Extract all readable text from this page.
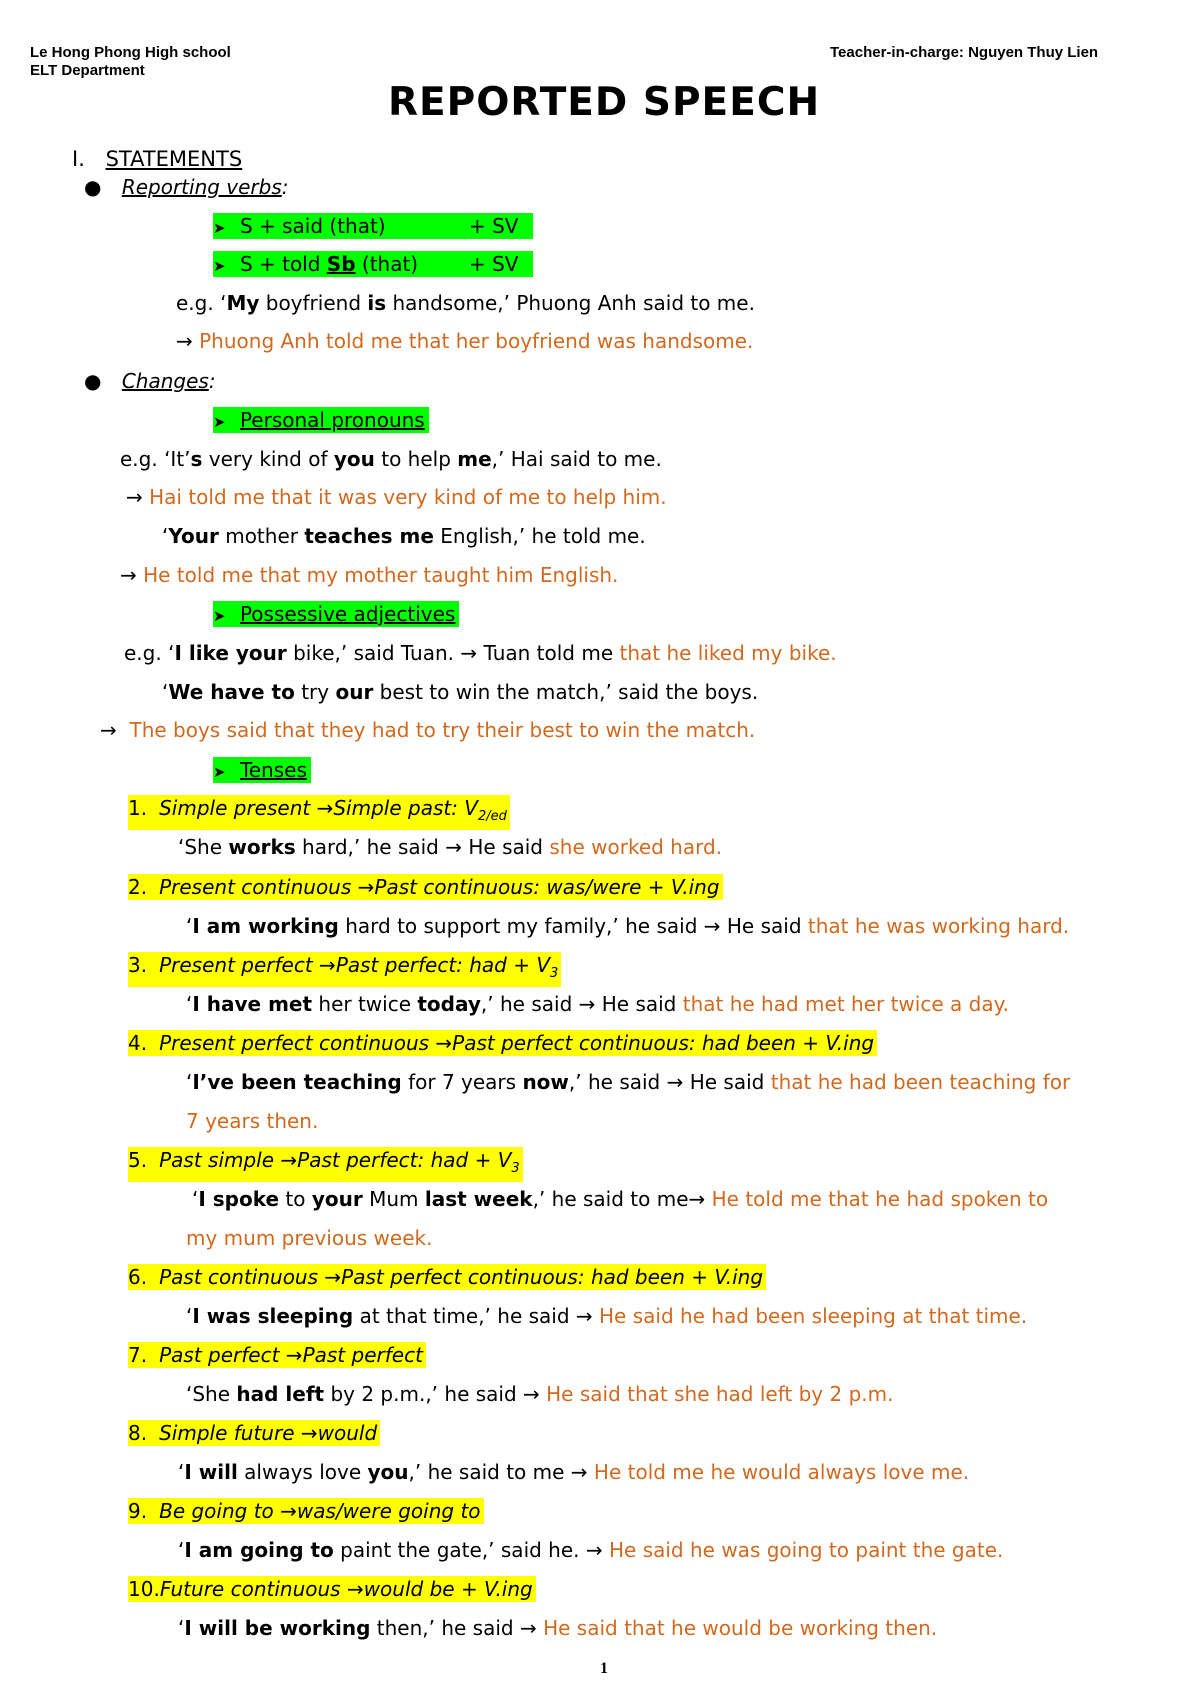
Le Hong Phong High school
ELT Department
Teacher-in-charge: Nguyen Thuy Lien
REPORTED SPEECH
I. STATEMENTS
● Reporting verbs:
➤ S + said (that)	+ SV
➤ S + told Sb (that)	+ SV
e.g. ‘My boyfriend is handsome,’ Phuong Anh said to me.
→ Phuong Anh told me that her boyfriend was handsome.
● Changes:
➤ Personal pronouns
e.g. ‘It’s very kind of you to help me,’ Hai said to me.
→ Hai told me that it was very kind of me to help him.
‘Your mother teaches me English,’ he told me.
→ He told me that my mother taught him English.
➤ Possessive adjectives
e.g. ‘I like your bike,’ said Tuan. → Tuan told me that he liked my bike.
‘We have to try our best to win the match,’ said the boys.
→ The boys said that they had to try their best to win the match.
➤ Tenses
1. Simple present →Simple past: $V_{2/ed}$
‘She works hard,’ he said → He said she worked hard.
2. Present continuous →Past continuous: was/were + V.ing
‘I am working hard to support my family,’ he said → He said that he was working hard.
3. Present perfect →Past perfect: had + $V_3$
‘I have met her twice today,’ he said → He said that he had met her twice a day.
4. Present perfect continuous →Past perfect continuous: had been + V.ing
‘I’ve been teaching for 7 years now,’ he said → He said that he had been teaching for
7 years then.
5. Past simple →Past perfect: had + $V_3$
‘I spoke to your Mum last week,’ he said to me→ He told me that he had spoken to
my mum previous week.
6. Past continuous →Past perfect continuous: had been + V.ing
‘I was sleeping at that time,’ he said → He said he had been sleeping at that time.
7. Past perfect →Past perfect
‘She had left by 2 p.m.,’ he said → He said that she had left by 2 p.m.
8. Simple future →would
‘I will always love you,’ he said to me → He told me he would always love me.
9. Be going to →was/were going to
‘I am going to paint the gate,’ said he. → He said he was going to paint the gate.
10.Future continuous →would be + V.ing
‘I will be working then,’ he said → He said that he would be working then.
1
